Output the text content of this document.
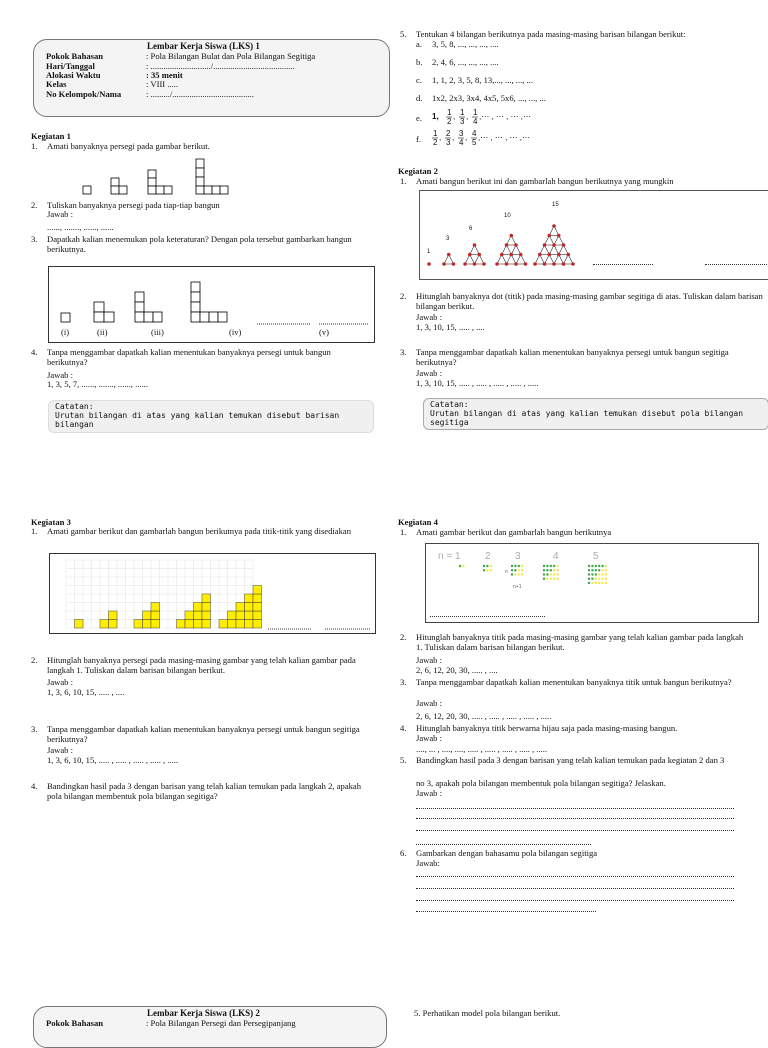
Lembar Kerja Siswa (LKS) 1
Pokok Bahasan	: Pola Bilangan Bulat dan Pola Bilangan Segitiga
Hari/Tanggal	: ............................/......................................
Alokasi Waktu	: 35 menit
Kelas	: VIII .....
No Kelompok/Nama	: ........./......................................
Kegiatan 1
1. Amati banyaknya persegi pada gambar berikut.
2. Tuliskan banyaknya persegi pada tiap-tiap bangun
Jawab :
......, ......., ......, ......
3. Dapatkah kalian menemukan pola keteraturan? Dengan pola tersebut gambarkan bangun berikutnya.
(i)	(ii)	(iii)	(iv)	(v)
4. Tanpa menggambar dapatkah kalian menentukan banyaknya persegi untuk bangun berikutnya?
Jawab :
1, 3, 5, 7, ......, ......., ......, ......
Catatan:
Urutan bilangan di atas yang kalian temukan disebut barisan bilangan
5. Tentukan 4 bilangan berikutnya pada masing-masing barisan bilangan berikut:
a. 3, 5, 8, ..., ..., ..., ....
b. 2, 4, 6, ..., ..., ..., ....
c. 1, 1, 2, 3, 5, 8, 13,..., ..., ..., ...
d. 1x2, 2x3, 3x4, 4x5, 5x6, ..., ..., ...
e. 1, 1
2
, 1
3
, 1
4
,⋯ , ⋯ , ⋯ ,⋯
f.
1
2
, 2
3
, 3
4
, 4
5
,⋯ , ⋯ , ⋯ ,⋯
Kegiatan 2
1. Amati bangun berikut ini dan gambarlah bangun berikutnya yang mungkin
1
3
6
10
15
2. Hitunglah banyaknya dot (titik) pada masing-masing gambar segitiga di atas. Tuliskan dalam barisan bilangan berikut.
Jawab :
1, 3, 10, 15, ..... , ....
3. Tanpa menggambar dapatkah kalian menentukan banyaknya persegi untuk bangun segitiga berikutnya?
Jawab :
1, 3, 10, 15, ..... , ..... , ..... , ..... , .....
Catatan:
Urutan bilangan di atas yang kalian temukan disebut pola bilangan segitiga
Kegiatan 3
1. Amati gambar berikut dan gambarlah bangun berikutnya pada titik-titik yang disediakan
2. Hitunglah banyaknya persegi pada masing-masing gambar yang telah kalian gambar pada langkah 1. Tuliskan dalam barisan bilangan berikut.
Jawab :
1, 3, 6, 10, 15, ..... , ....
3. Tanpa menggambar dapatkah kalian menentukan banyaknya persegi untuk bangun segitiga berikutnya?
Jawab :
1, 3, 6, 10, 15, ..... , ..... , ..... , ..... , .....
4. Bandingkan hasil pada 3 dengan barisan yang telah kalian temukan pada langkah 2, apakah pola bilangan membentuk pola bilangan segitiga?
Kegiatan 4
1. Amati gambar berikut dan gambarlah bangun berikutnya
n = 1 2 3	4	5
n
n+1
2. Hitunglah banyaknya titik pada masing-masing gambar yang telah kalian gambar pada langkah 1. Tuliskan dalam barisan bilangan berikut.
Jawab :
2, 6, 12, 20, 30, ..... , ....
3. Tanpa menggambar dapatkah kalian menentukan banyaknya titik untuk bangun berikutnya?
Jawab :
2, 6, 12, 20, 30, ..... , ..... , ..... , ..... , .....
4. Hitunglah banyaknya titik berwarna hijau saja pada masing-masing bangun.
Jawab :
...., ... , ...., ...., ..... , ..... , ..... , ..... , .....
5. Bandingkan hasil pada 3 dengan barisan yang telah kalian temukan pada kegiatan 2 dan 3
no 3, apakah pola bilangan membentuk pola bilangan segitiga? Jelaskan.
Jawab :
6. Gambarkan dengan bahasamu pola bilangan segitiga
Jawab:
Lembar Kerja Siswa (LKS) 2
Pokok Bahasan	: Pola Bilangan Persegi dan Persegipanjang
5. Perhatikan model pola bilangan berikut.
